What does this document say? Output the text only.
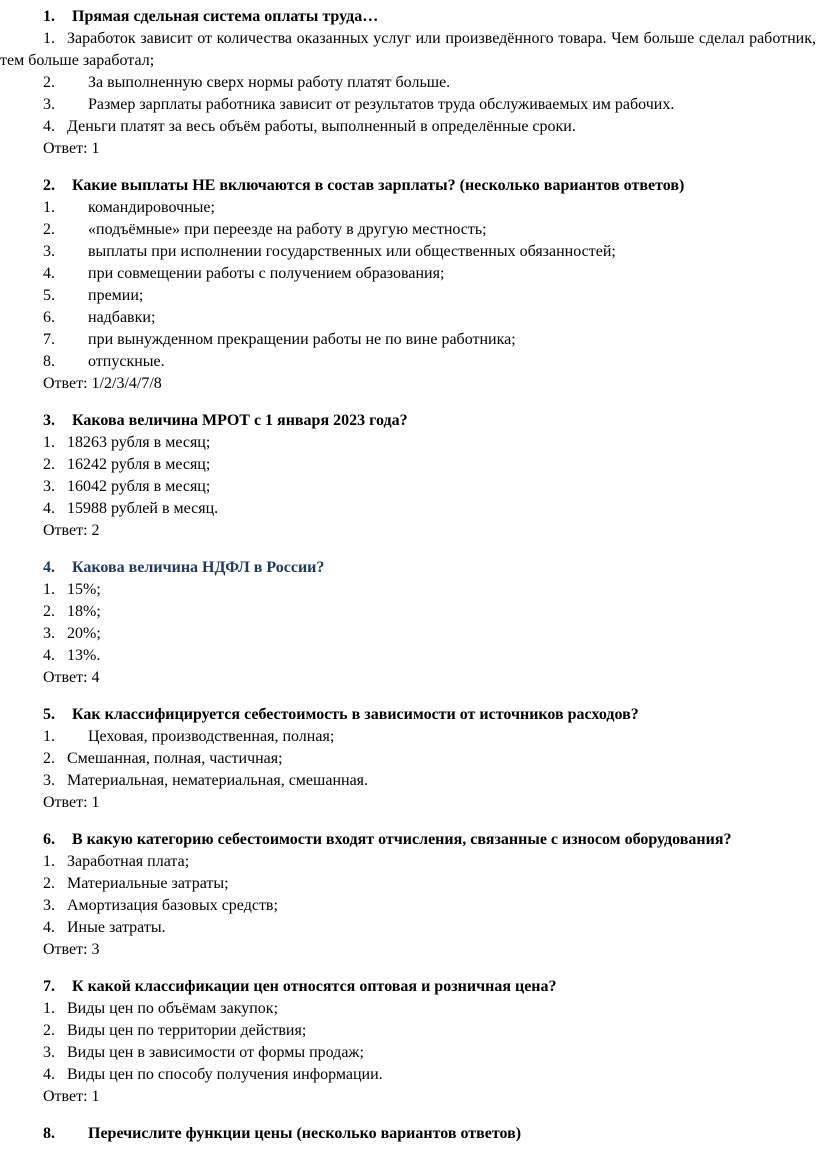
1. Прямая сдельная система оплаты труда…

1. Заработок зависит от количества оказанных услуг или произведённого товара. Чем больше сделал работник, тем больше заработал;

2. За выполненную сверх нормы работу платят больше.

3. Размер зарплаты работника зависит от результатов труда обслуживаемых им рабочих.

4. Деньги платят за весь объём работы, выполненный в определённые сроки.

Ответ: 1

2. Какие выплаты НЕ включаются в состав зарплаты? (несколько вариантов ответов)

1. командировочные;

2. «подъёмные» при переезде на работу в другую местность;

3. выплаты при исполнении государственных или общественных обязанностей;

4. при совмещении работы с получением образования;

5. премии;

6. надбавки;

7. при вынужденном прекращении работы не по вине работника;

8. отпускные.

Ответ: 1/2/3/4/7/8

3. Какова величина МРОТ с 1 января 2023 года?

1. 18263 рубля в месяц;

2. 16242 рубля в месяц;

3. 16042 рубля в месяц;

4. 15988 рублей в месяц.

Ответ: 2

4. Какова величина НДФЛ в России?

1. 15%;

2. 18%;

3. 20%;

4. 13%.

Ответ: 4

5. Как классифицируется себестоимость в зависимости от источников расходов?

1. Цеховая, производственная, полная;

2. Смешанная, полная, частичная;

3. Материальная, нематериальная, смешанная.

Ответ: 1

6. В какую категорию себестоимости входят отчисления, связанные с износом оборудования?

1. Заработная плата;

2. Материальные затраты;

3. Амортизация базовых средств;

4. Иные затраты.

Ответ: 3

7. К какой классификации цен относятся оптовая и розничная цена?

1. Виды цен по объёмам закупок;

2. Виды цен по территории действия;

3. Виды цен в зависимости от формы продаж;

4. Виды цен по способу получения информации.

Ответ: 1

8. Перечислите функции цены (несколько вариантов ответов)
